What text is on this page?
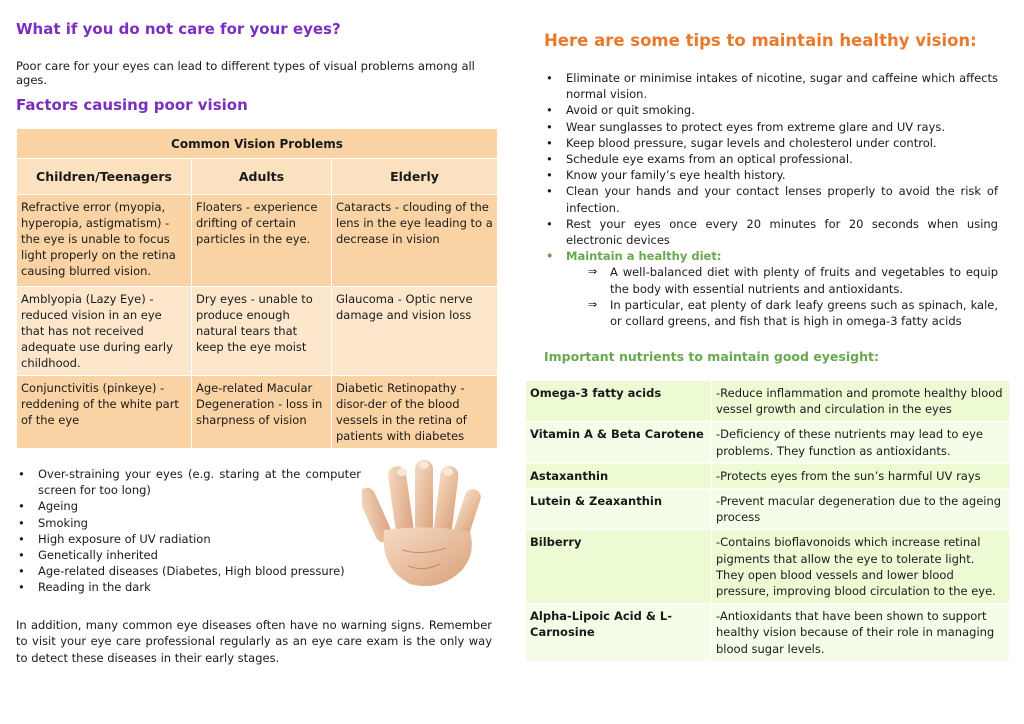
What if you do not care for your eyes?

Poor care for your eyes can lead to different types of visual problems among all ages.

Factors causing poor vision
Common Vision Problems		
Children/Teenagers	Adults	Elderly
Refractive error (myopia, hyperopia, astigmatism) - the eye is unable to focus light properly on the retina causing blurred vision.	Floaters - experience drifting of certain particles in the eye.	Cataracts - clouding of the lens in the eye leading to a decrease in vision
Amblyopia (Lazy Eye) - reduced vision in an eye that has not received adequate use during early childhood.	Dry eyes - unable to produce enough natural tears that keep the eye moist	Glaucoma - Optic nerve damage and vision loss
Conjunctivitis (pinkeye) - reddening of the white part of the eye	Age-related Macular Degeneration - loss in sharpness of vision	Diabetic Retinopathy - disor-der of the blood vessels in the retina of patients with diabetes
• Over-straining your eyes (e.g. staring at the computer screen for too long)
• Ageing
• Smoking
• High exposure of UV radiation
• Genetically inherited
• Age-related diseases (Diabetes, High blood pressure)
• Reading in the dark

In addition, many common eye diseases often have no warning signs. Remember to visit your eye care professional regularly as an eye care exam is the only way to detect these diseases in their early stages.

Here are some tips to maintain healthy vision:
• Eliminate or minimise intakes of nicotine, sugar and caffeine which affects normal vision.
• Avoid or quit smoking.
• Wear sunglasses to protect eyes from extreme glare and UV rays.
• Keep blood pressure, sugar levels and cholesterol under control.
• Schedule eye exams from an optical professional.
• Know your family’s eye health history.
• Clean your hands and your contact lenses properly to avoid the risk of infection.
• Rest your eyes once every 20 minutes for 20 seconds when using electronic devices
• Maintain a healthy diet:
⇒ A well-balanced diet with plenty of fruits and vegetables to equip the body with essential nutrients and antioxidants.
⇒ In particular, eat plenty of dark leafy greens such as spinach, kale, or collard greens, and fish that is high in omega-3 fatty acids
Important nutrients to maintain good eyesight:
Omega-3 fatty acids	-Reduce inflammation and promote healthy blood vessel growth and circulation in the eyes
Vitamin A & Beta Carotene	-Deficiency of these nutrients may lead to eye problems. They function as antioxidants.
Astaxanthin	-Protects eyes from the sun’s harmful UV rays
Lutein & Zeaxanthin	-Prevent macular degeneration due to the ageing process
Bilberry	-Contains bioflavonoids which increase retinal pigments that allow the eye to tolerate light. They open blood vessels and lower blood pressure, improving blood circulation to the eye.
Alpha-Lipoic Acid & L-Carnosine	-Antioxidants that have been shown to support healthy vision because of their role in managing blood sugar levels.
